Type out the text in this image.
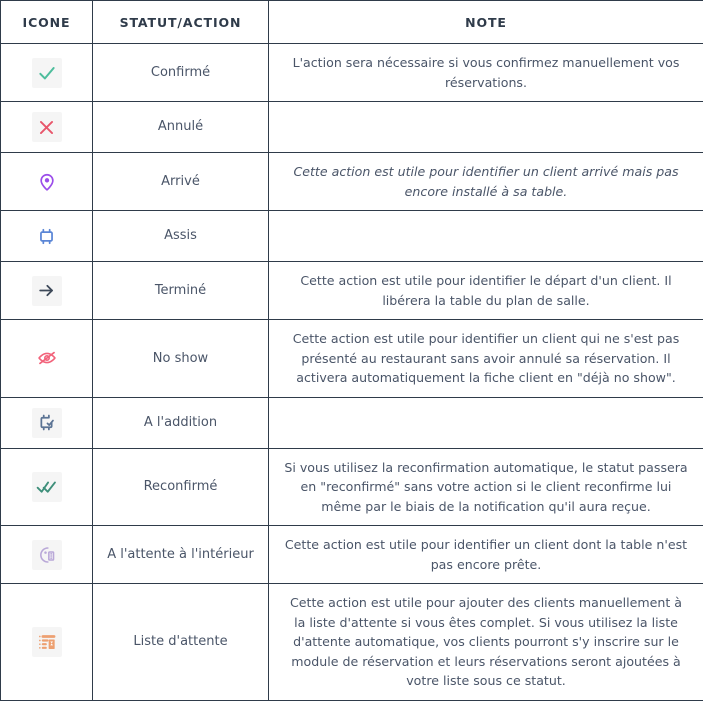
ICONE	STATUT/ACTION	NOTE

	Confirmé	L'action sera nécessaire si vous confirmez manuellement vos réservations.

	Annulé	

	Arrivé	Cette action est utile pour identifier un client arrivé mais pas encore installé à sa table.

	Assis	

	Terminé	Cette action est utile pour identifier le départ d'un client. Il libérera la table du plan de salle.

	No show	Cette action est utile pour identifier un client qui ne s'est pas présenté au restaurant sans avoir annulé sa réservation. Il activera automatiquement la fiche client en "déjà no show".

	A l'addition	

	Reconfirmé	Si vous utilisez la reconfirmation automatique, le statut passera en "reconfirmé" sans votre action si le client reconfirme lui même par le biais de la notification qu'il aura reçue.

	A l'attente à l'intérieur	Cette action est utile pour identifier un client dont la table n'est pas encore prête.

	Liste d'attente	Cette action est utile pour ajouter des clients manuellement à la liste d'attente si vous êtes complet. Si vous utilisez la liste d'attente automatique, vos clients pourront s'y inscrire sur le module de réservation et leurs réservations seront ajoutées à votre liste sous ce statut.
